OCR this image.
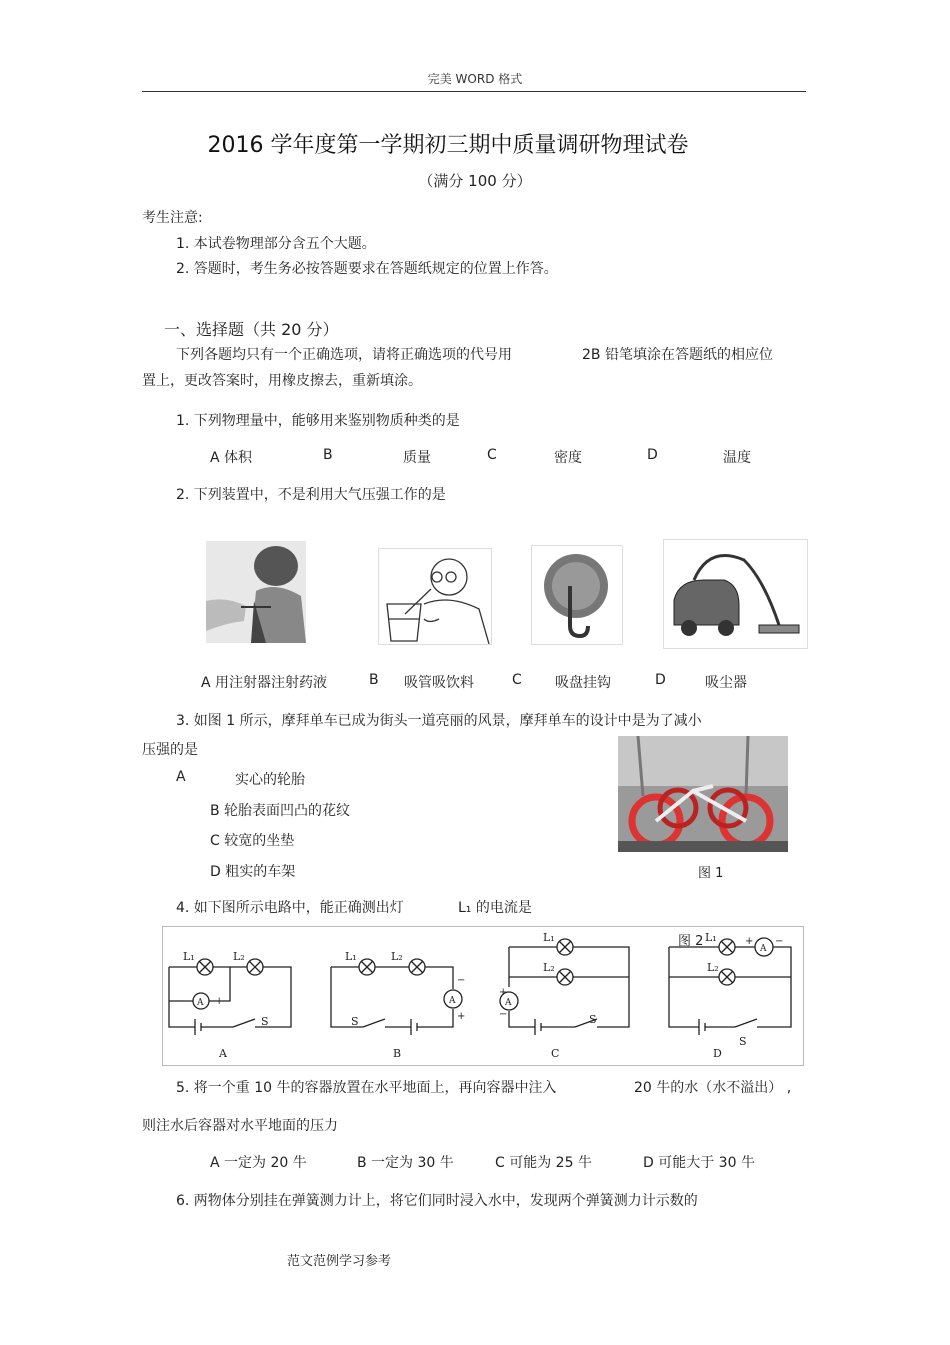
完美 WORD 格式
2016 学年度第一学期初三期中质量调研物理试卷
（满分 100 分）
考生注意:
1. 本试卷物理部分含五个大题。
2. 答题时，考生务必按答题要求在答题纸规定的位置上作答。
一、选择题（共 20 分）
下列各题均只有一个正确选项，请将正确选项的代号用	2B 铅笔填涂在答题纸的相应位
置上，更改答案时，用橡皮擦去，重新填涂。
1. 下列物理量中，能够用来鉴别物质种类的是
A 体积	B	质量	C	密度	D	温度
2. 下列装置中，不是利用大气压强工作的是
A 用注射器注射药液	B 吸管吸饮料	C 吸盘挂钩	D	吸尘器
3. 如图 1 所示，摩拜单车已成为街头一道亮丽的风景，摩拜单车的设计中是为了减小
压强的是
A	实心的轮胎
B 轮胎表面凹凸的花纹
C 较宽的坐垫
D 粗实的车架	图 1
4. 如下图所示电路中，能正确测出灯	L₁ 的电流是
L₁	L₂
A
−	+
S
A
L₁	L₂
A
−
+
S
B
L₁
L₂
A
+
−	S
C
L₁
L₂
A
+ −
S
D
图 2
5. 将一个重 10 牛的容器放置在水平地面上，再向容器中注入	20 牛的水（水不溢出） ,
则注水后容器对水平地面的压力
A 一定为 20 牛	B 一定为 30 牛	C 可能为 25 牛	D 可能大于 30 牛
6. 两物体分别挂在弹簧测力计上，将它们同时浸入水中，发现两个弹簧测力计示数的
范文范例学习参考
